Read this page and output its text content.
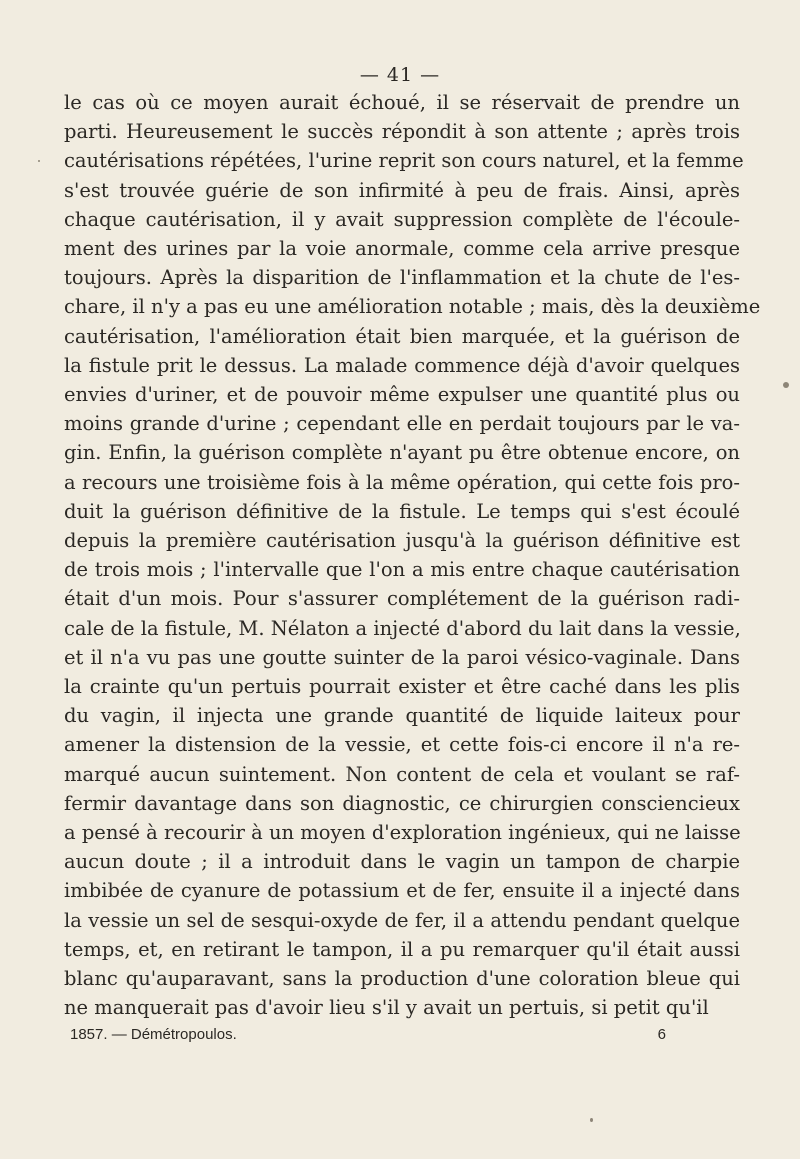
— 41 —
le cas où ce moyen aurait échoué, il se réservait de prendre un
parti. Heureusement le succès répondit à son attente ; après trois
cautérisations répétées, l'urine reprit son cours naturel, et la femme
s'est trouvée guérie de son infirmité à peu de frais. Ainsi, après
chaque cautérisation, il y avait suppression complète de l'écoule-
ment des urines par la voie anormale, comme cela arrive presque
toujours. Après la disparition de l'inflammation et la chute de l'es-
chare, il n'y a pas eu une amélioration notable ; mais, dès la deuxième
cautérisation, l'amélioration était bien marquée, et la guérison de
la fistule prit le dessus. La malade commence déjà d'avoir quelques
envies d'uriner, et de pouvoir même expulser une quantité plus ou
moins grande d'urine ; cependant elle en perdait toujours par le va-
gin. Enfin, la guérison complète n'ayant pu être obtenue encore, on
a recours une troisième fois à la même opération, qui cette fois pro-
duit la guérison définitive de la fistule. Le temps qui s'est écoulé
depuis la première cautérisation jusqu'à la guérison définitive est
de trois mois ; l'intervalle que l'on a mis entre chaque cautérisation
était d'un mois. Pour s'assurer complétement de la guérison radi-
cale de la fistule, M. Nélaton a injecté d'abord du lait dans la vessie,
et il n'a vu pas une goutte suinter de la paroi vésico-vaginale. Dans
la crainte qu'un pertuis pourrait exister et être caché dans les plis
du vagin, il injecta une grande quantité de liquide laiteux pour
amener la distension de la vessie, et cette fois-ci encore il n'a re-
marqué aucun suintement. Non content de cela et voulant se raf-
fermir davantage dans son diagnostic, ce chirurgien consciencieux
a pensé à recourir à un moyen d'exploration ingénieux, qui ne laisse
aucun doute ; il a introduit dans le vagin un tampon de charpie
imbibée de cyanure de potassium et de fer, ensuite il a injecté dans
la vessie un sel de sesqui-oxyde de fer, il a attendu pendant quelque
temps, et, en retirant le tampon, il a pu remarquer qu'il était aussi
blanc qu'auparavant, sans la production d'une coloration bleue qui
ne manquerait pas d'avoir lieu s'il y avait un pertuis, si petit qu'il
1857. — Démétropoulos.	6
